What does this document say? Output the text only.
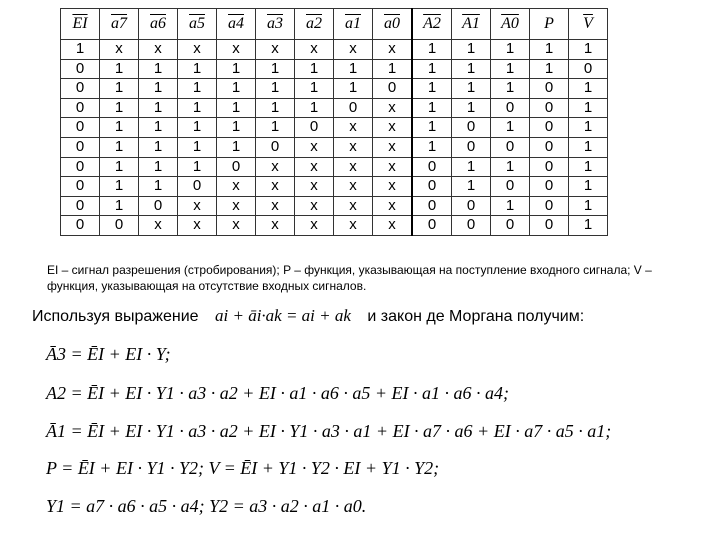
$\overline{EI}$	a7	a6	a5	a4	a3	a2	a1	a0	A2	A1	A0	P	$\overline{V}$
1	x	x	x	x	x	x	x	x	1	1	1	1	1
0	1	1	1	1	1	1	1	1	1	1	1	1	0
0	1	1	1	1	1	1	1	0	1	1	1	0	1
0	1	1	1	1	1	1	0	x	1	1	0	0	1
0	1	1	1	1	1	0	x	x	1	0	1	0	1
0	1	1	1	1	0	x	x	x	1	0	0	0	1
0	1	1	1	0	x	x	x	x	0	1	1	0	1
0	1	1	0	x	x	x	x	x	0	1	0	0	1
0	1	0	x	x	x	x	x	x	0	0	1	0	1
0	0	x	x	x	x	x	x	x	0	0	0	0	1
EI – сигнал разрешения (стробирования); P – функция, указывающая на поступление входного сигнала; V – функция, указывающая на отсутствие входных сигналов.
Используя выражение ai + āi·ak = ai + ak и закон де Моргана получим:
Ā3 = ĒI + EI · Y;
A2 = ĒI + EI · Y1 · a3 · a2 + EI · a1 · a6 · a5 + EI · a1 · a6 · a4;
Ā1 = ĒI + EI · Y1 · a3 · a2 + EI · Y1 · a3 · a1 + EI · a7 · a6 + EI · a7 · a5 · a1;
P = ĒI + EI · Y1 · Y2; V = ĒI + Y1 · Y2 · EI + Y1 · Y2;
Y1 = a7 · a6 · a5 · a4; Y2 = a3 · a2 · a1 · a0.
